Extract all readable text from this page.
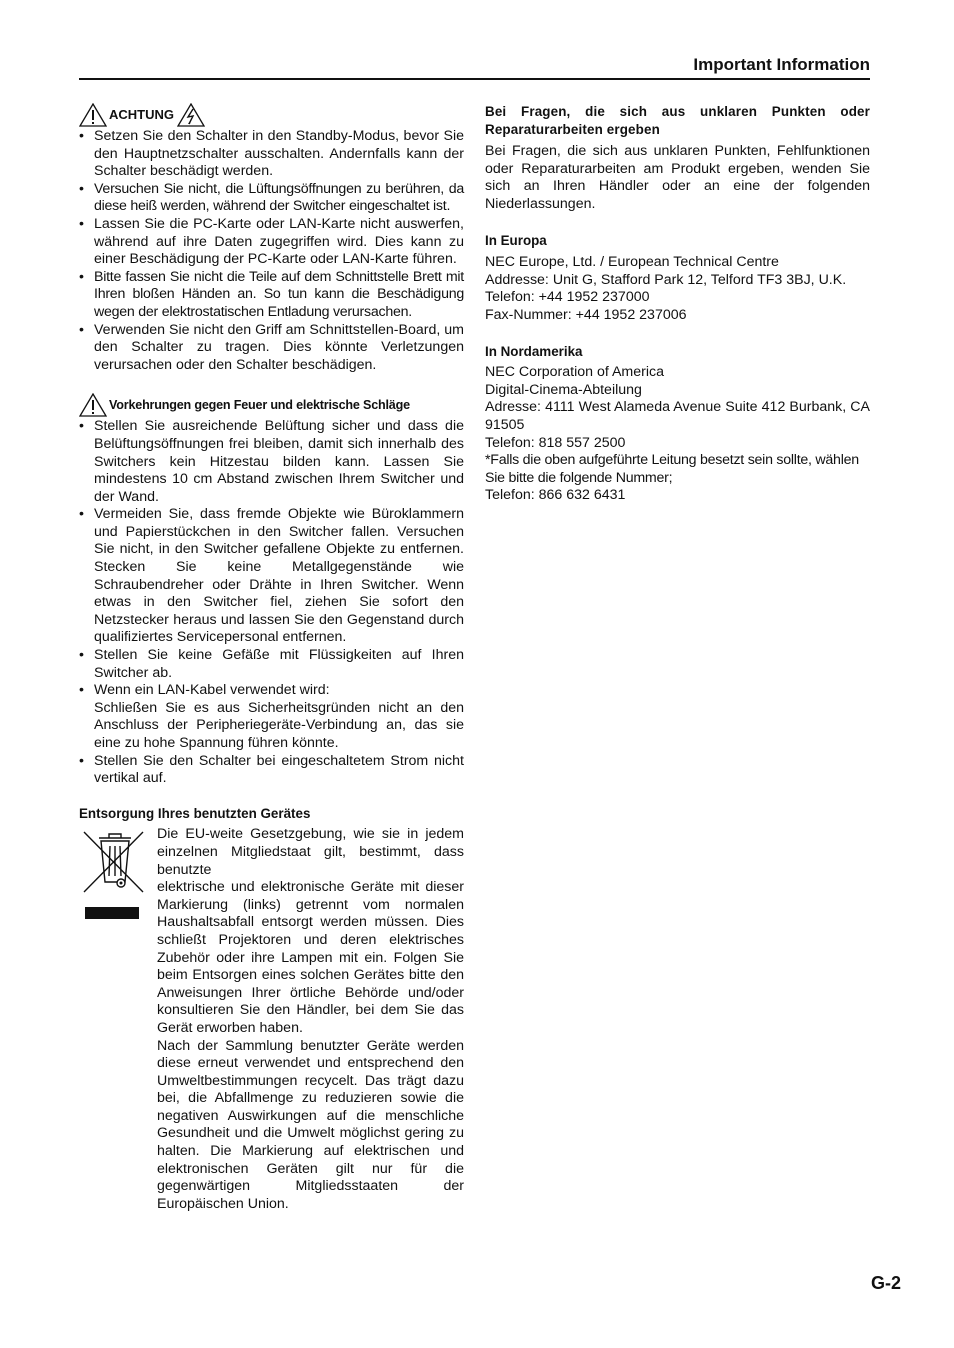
Important Information
ACHTUNG
• Setzen Sie den Schalter in den Standby-Modus, bevor Sie den Hauptnetzschalter ausschalten. Andernfalls kann der Schalter beschädigt werden.
• Versuchen Sie nicht, die Lüftungsöffnungen zu berühren, da diese heiß werden, während der Switcher eingeschaltet ist.
• Lassen Sie die PC-Karte oder LAN-Karte nicht auswerfen, während auf ihre Daten zugegriffen wird. Dies kann zu einer Beschädigung der PC-Karte oder LAN-Karte führen.
• Bitte fassen Sie nicht die Teile auf dem Schnittstelle Brett mit Ihren bloßen Händen an. So tun kann die Beschädigung wegen der elektrostatischen Entladung verursachen.
• Verwenden Sie nicht den Griff am Schnittstellen-Board, um den Schalter zu tragen. Dies könnte Verletzungen verursachen oder den Schalter beschädigen.
Vorkehrungen gegen Feuer und elektrische Schläge
• Stellen Sie ausreichende Belüftung sicher und dass die Belüftungsöffnungen frei bleiben, damit sich innerhalb des Switchers kein Hitzestau bilden kann. Lassen Sie mindestens 10 cm Abstand zwischen Ihrem Switcher und der Wand.
• Vermeiden Sie, dass fremde Objekte wie Büroklammern und Papierstückchen in den Switcher fallen. Versuchen Sie nicht, in den Switcher gefallene Objekte zu entfernen. Stecken Sie keine Metallgegenstände wie Schraubendreher oder Drähte in Ihren Switcher. Wenn etwas in den Switcher fiel, ziehen Sie sofort den Netzstecker heraus und lassen Sie den Gegenstand durch qualifiziertes Servicepersonal entfernen.
• Stellen Sie keine Gefäße mit Flüssigkeiten auf Ihren Switcher ab.
• Wenn ein LAN-Kabel verwendet wird:
Schließen Sie es aus Sicherheitsgründen nicht an den Anschluss der Peripheriegeräte-Verbindung an, das sie eine zu hohe Spannung führen könnte.
• Stellen Sie den Schalter bei eingeschaltetem Strom nicht vertikal auf.
Entsorgung Ihres benutzten Gerätes

Die EU-weite Gesetzgebung, wie sie in jedem einzelnen Mitgliedstaat gilt, bestimmt, dass benutzte

elektrische und elektronische Geräte mit dieser Markierung (links) getrennt vom normalen Haushaltsabfall entsorgt werden müssen. Dies schließt Projektoren und deren elektrisches Zubehör oder ihre Lampen mit ein. Folgen Sie beim Entsorgen eines solchen Gerätes bitte den Anweisungen Ihrer örtliche Behörde und/oder konsultieren Sie den Händler, bei dem Sie das Gerät erworben haben.

Nach der Sammlung benutzter Geräte werden diese erneut verwendet und entsprechend den Umweltbestimmungen recycelt. Das trägt dazu bei, die Abfallmenge zu reduzieren sowie die negativen Auswirkungen auf die menschliche Gesundheit und die Umwelt möglichst gering zu halten. Die Markierung auf elektrischen und elektronischen Geräten gilt nur für die gegenwärtigen Mitgliedsstaaten der Europäischen Union.

Bei Fragen, die sich aus unklaren Punkten oder Reparaturarbeiten ergeben

Bei Fragen, die sich aus unklaren Punkten, Fehlfunktionen oder Reparaturarbeiten am Produkt ergeben, wenden Sie sich an Ihren Händler oder an eine der folgenden Niederlassungen.

In Europa
NEC Europe, Ltd. / European Technical Centre
Addresse: Unit G, Stafford Park 12, Telford TF3 3BJ, U.K.
Telefon: +44 1952 237000
Fax-Nummer: +44 1952 237006
In Nordamerika
NEC Corporation of America
Digital-Cinema-Abteilung
Adresse: 4111 West Alameda Avenue Suite 412 Burbank, CA 91505
Telefon: 818 557 2500
*Falls die oben aufgeführte Leitung besetzt sein sollte, wählen Sie bitte die folgende Nummer;
Telefon: 866 632 6431
G-2
